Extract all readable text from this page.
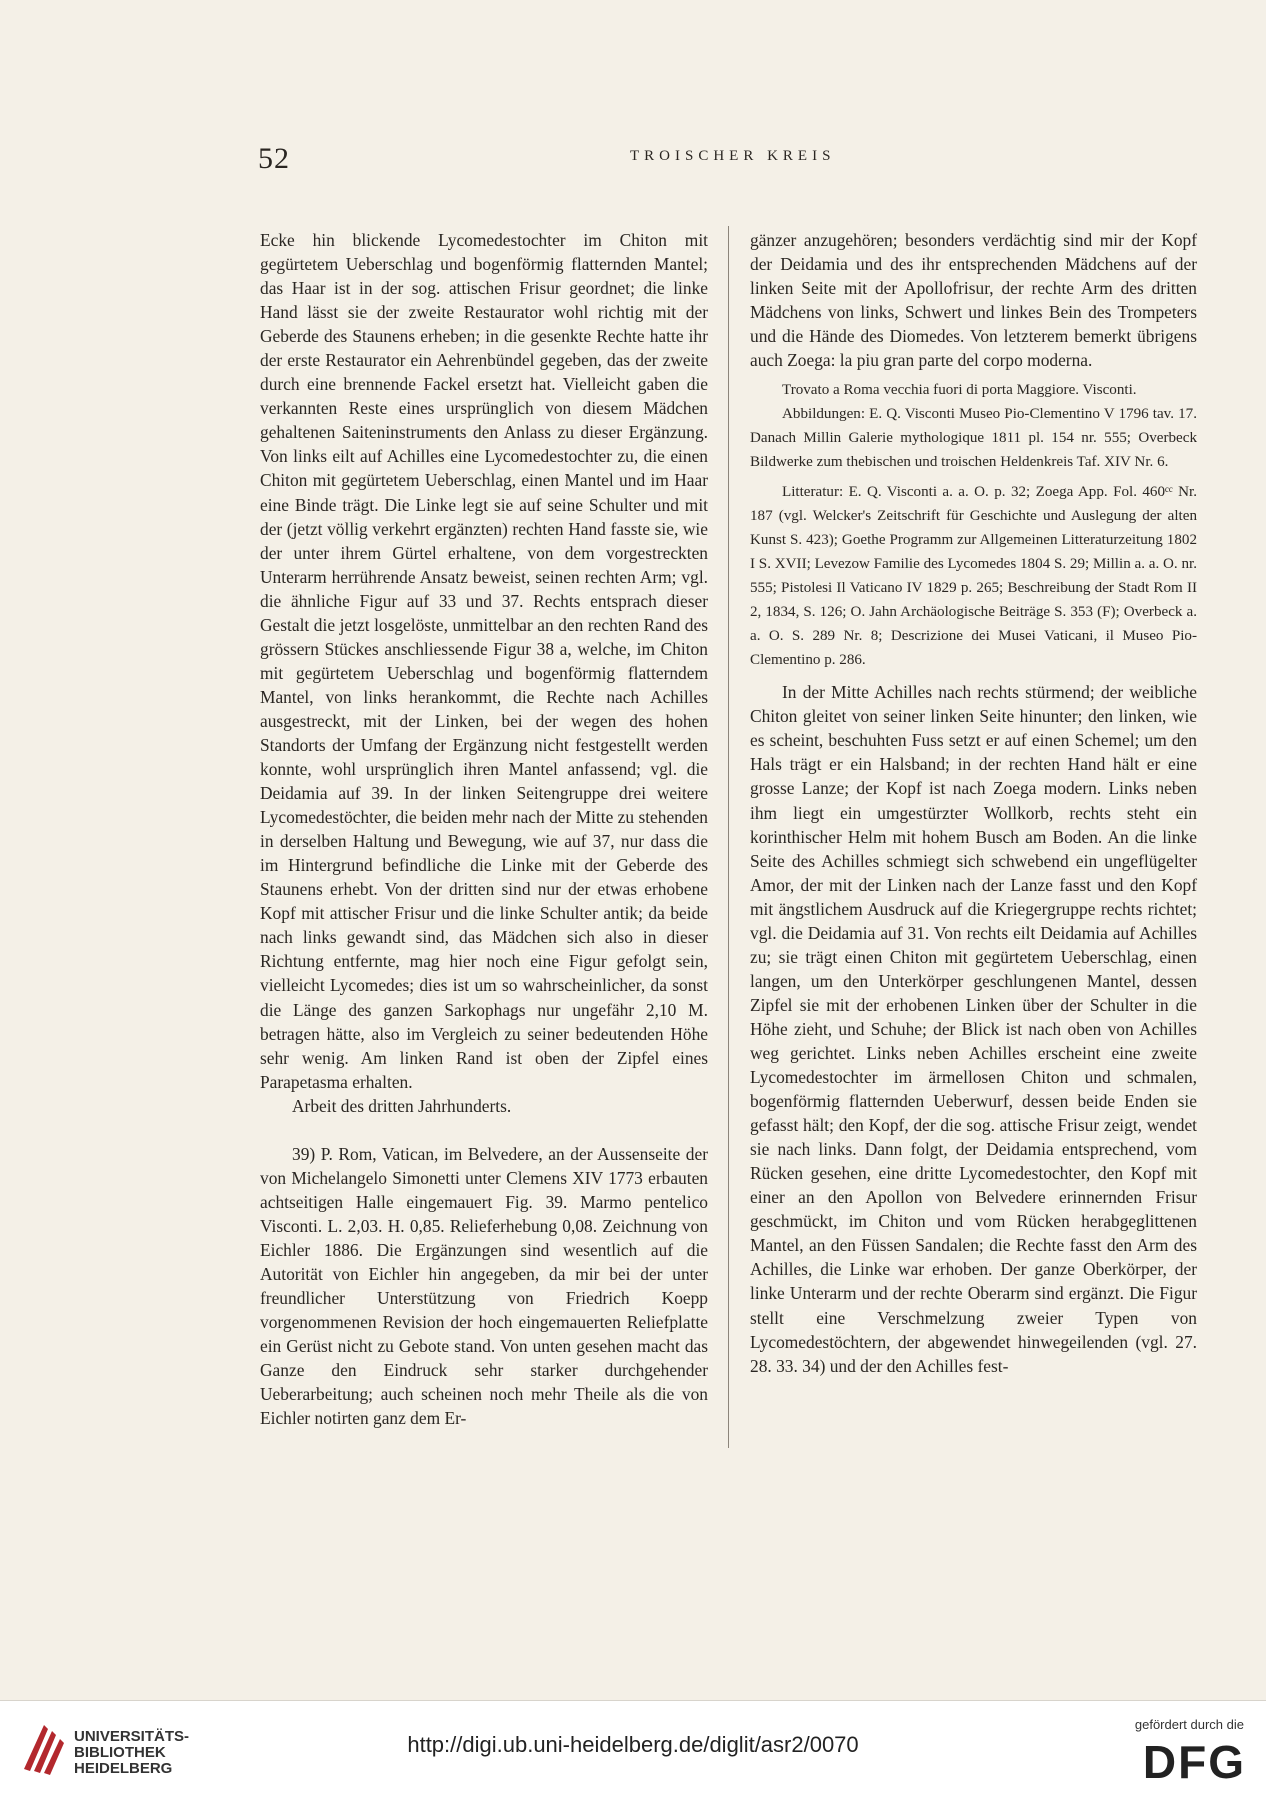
52	TROISCHER KREIS

Ecke hin blickende Lycomedestochter im Chiton mit gegürtetem Ueberschlag und bogenförmig flatternden Mantel; das Haar ist in der sog. attischen Frisur geordnet; die linke Hand lässt sie der zweite Restaurator wohl richtig mit der Geberde des Staunens erheben; in die gesenkte Rechte hatte ihr der erste Restaurator ein Aehrenbündel gegeben, das der zweite durch eine brennende Fackel ersetzt hat. Vielleicht gaben die verkannten Reste eines ursprünglich von diesem Mädchen gehaltenen Saiteninstruments den Anlass zu dieser Ergänzung. Von links eilt auf Achilles eine Lycomedestochter zu, die einen Chiton mit gegürtetem Ueberschlag, einen Mantel und im Haar eine Binde trägt. Die Linke legt sie auf seine Schulter und mit der (jetzt völlig verkehrt ergänzten) rechten Hand fasste sie, wie der unter ihrem Gürtel erhaltene, von dem vorgestreckten Unterarm herrührende Ansatz beweist, seinen rechten Arm; vgl. die ähnliche Figur auf 33 und 37. Rechts entsprach dieser Gestalt die jetzt losgelöste, unmittelbar an den rechten Rand des grössern Stückes anschliessende Figur 38 a, welche, im Chiton mit gegürtetem Ueberschlag und bogenförmig flatterndem Mantel, von links herankommt, die Rechte nach Achilles ausgestreckt, mit der Linken, bei der wegen des hohen Standorts der Umfang der Ergänzung nicht festgestellt werden konnte, wohl ursprünglich ihren Mantel anfassend; vgl. die Deidamia auf 39. In der linken Seitengruppe drei weitere Lycomedestöchter, die beiden mehr nach der Mitte zu stehenden in derselben Haltung und Bewegung, wie auf 37, nur dass die im Hintergrund befindliche die Linke mit der Geberde des Staunens erhebt. Von der dritten sind nur der etwas erhobene Kopf mit attischer Frisur und die linke Schulter antik; da beide nach links gewandt sind, das Mädchen sich also in dieser Richtung entfernte, mag hier noch eine Figur gefolgt sein, vielleicht Lycomedes; dies ist um so wahrscheinlicher, da sonst die Länge des ganzen Sarkophags nur ungefähr 2,10 M. betragen hätte, also im Vergleich zu seiner bedeutenden Höhe sehr wenig. Am linken Rand ist oben der Zipfel eines Parapetasma erhalten.

Arbeit des dritten Jahrhunderts.

39) P. Rom, Vatican, im Belvedere, an der Aussenseite der von Michelangelo Simonetti unter Clemens XIV 1773 erbauten achtseitigen Halle eingemauert Fig. 39. Marmo pentelico Visconti. L. 2,03. H. 0,85. Relieferhebung 0,08. Zeichnung von Eichler 1886. Die Ergänzungen sind wesentlich auf die Autorität von Eichler hin angegeben, da mir bei der unter freundlicher Unterstützung von Friedrich Koepp vorgenommenen Revision der hoch eingemauerten Reliefplatte ein Gerüst nicht zu Gebote stand. Von unten gesehen macht das Ganze den Eindruck sehr starker durchgehender Ueberarbeitung; auch scheinen noch mehr Theile als die von Eichler notirten ganz dem Er-

gänzer anzugehören; besonders verdächtig sind mir der Kopf der Deidamia und des ihr entsprechenden Mädchens auf der linken Seite mit der Apollofrisur, der rechte Arm des dritten Mädchens von links, Schwert und linkes Bein des Trompeters und die Hände des Diomedes. Von letzterem bemerkt übrigens auch Zoega: la piu gran parte del corpo moderna.

Trovato a Roma vecchia fuori di porta Maggiore. Visconti.

Abbildungen: E. Q. Visconti Museo Pio-Clementino V 1796 tav. 17. Danach Millin Galerie mythologique 1811 pl. 154 nr. 555; Overbeck Bildwerke zum thebischen und troischen Heldenkreis Taf. XIV Nr. 6.

Litteratur: E. Q. Visconti a. a. O. p. 32; Zoega App. Fol. 460ᶜᶜ Nr. 187 (vgl. Welcker's Zeitschrift für Geschichte und Auslegung der alten Kunst S. 423); Goethe Programm zur Allgemeinen Litteraturzeitung 1802 I S. XVII; Levezow Familie des Lycomedes 1804 S. 29; Millin a. a. O. nr. 555; Pistolesi Il Vaticano IV 1829 p. 265; Beschreibung der Stadt Rom II 2, 1834, S. 126; O. Jahn Archäologische Beiträge S. 353 (F); Overbeck a. a. O. S. 289 Nr. 8; Descrizione dei Musei Vaticani, il Museo Pio-Clementino p. 286.

In der Mitte Achilles nach rechts stürmend; der weibliche Chiton gleitet von seiner linken Seite hinunter; den linken, wie es scheint, beschuhten Fuss setzt er auf einen Schemel; um den Hals trägt er ein Halsband; in der rechten Hand hält er eine grosse Lanze; der Kopf ist nach Zoega modern. Links neben ihm liegt ein umgestürzter Wollkorb, rechts steht ein korinthischer Helm mit hohem Busch am Boden. An die linke Seite des Achilles schmiegt sich schwebend ein ungeflügelter Amor, der mit der Linken nach der Lanze fasst und den Kopf mit ängstlichem Ausdruck auf die Kriegergruppe rechts richtet; vgl. die Deidamia auf 31. Von rechts eilt Deidamia auf Achilles zu; sie trägt einen Chiton mit gegürtetem Ueberschlag, einen langen, um den Unterkörper geschlungenen Mantel, dessen Zipfel sie mit der erhobenen Linken über der Schulter in die Höhe zieht, und Schuhe; der Blick ist nach oben von Achilles weg gerichtet. Links neben Achilles erscheint eine zweite Lycomedestochter im ärmellosen Chiton und schmalen, bogenförmig flatternden Ueberwurf, dessen beide Enden sie gefasst hält; den Kopf, der die sog. attische Frisur zeigt, wendet sie nach links. Dann folgt, der Deidamia entsprechend, vom Rücken gesehen, eine dritte Lycomedestochter, den Kopf mit einer an den Apollon von Belvedere erinnernden Frisur geschmückt, im Chiton und vom Rücken herabgeglittenen Mantel, an den Füssen Sandalen; die Rechte fasst den Arm des Achilles, die Linke war erhoben. Der ganze Oberkörper, der linke Unterarm und der rechte Oberarm sind ergänzt. Die Figur stellt eine Verschmelzung zweier Typen von Lycomedestöchtern, der abgewendet hinwegeilenden (vgl. 27. 28. 33. 34) und der den Achilles fest-

UNIVERSITÄTS-
BIBLIOTHEK
HEIDELBERG
http://digi.ub.uni-heidelberg.de/diglit/asr2/0070
gefördert durch die
DFG
